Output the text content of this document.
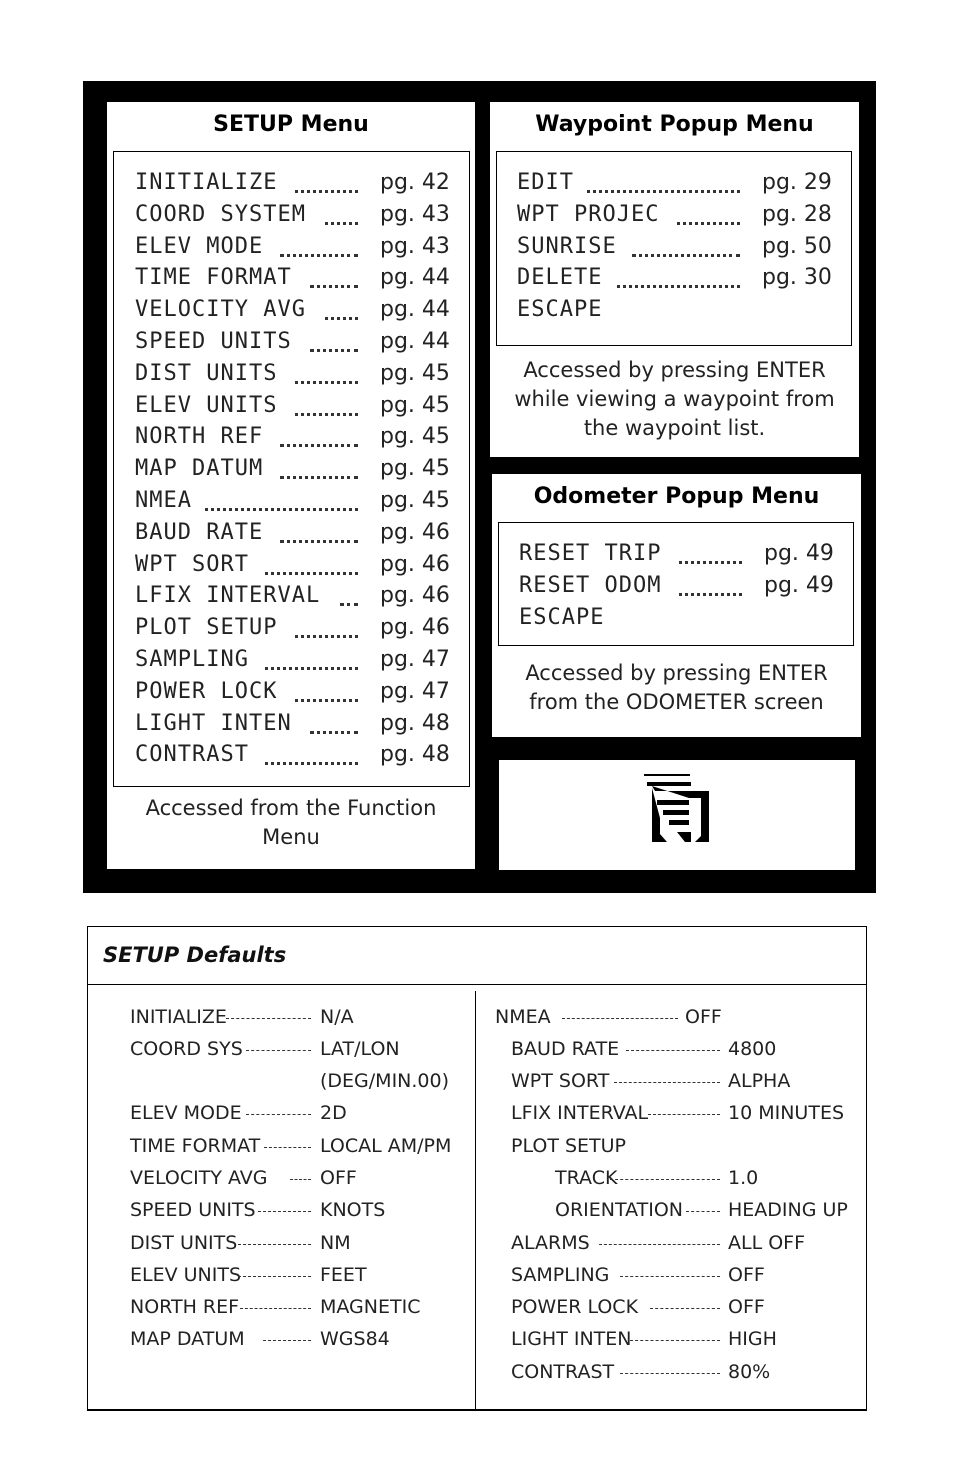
SETUP Menu
INITIALIZE	pg. 42
COORD SYSTEM	pg. 43
ELEV MODE	pg. 43
TIME FORMAT	pg. 44
VELOCITY AVG	pg. 44
SPEED UNITS	pg. 44
DIST UNITS	pg. 45
ELEV UNITS	pg. 45
NORTH REF	pg. 45
MAP DATUM	pg. 45
NMEA	pg. 45
BAUD RATE	pg. 46
WPT SORT	pg. 46
LFIX INTERVAL	pg. 46
PLOT SETUP	pg. 46
SAMPLING	pg. 47
POWER LOCK	pg. 47
LIGHT INTEN	pg. 48
CONTRAST	pg. 48
Accessed from the Function Menu
Waypoint Popup Menu
EDIT	pg. 29
WPT PROJEC	pg. 28
SUNRISE	pg. 50
DELETE	pg. 30
ESCAPE
Accessed by pressing ENTER while viewing a waypoint from the waypoint list.
Odometer Popup Menu
RESET TRIP	pg. 49
RESET ODOM	pg. 49
ESCAPE
Accessed by pressing ENTER from the ODOMETER screen
SETUP Defaults
INITIALIZE	N/A
COORD SYS	LAT/LON
(DEG/MIN.00)
ELEV MODE	2D
TIME FORMAT	LOCAL AM/PM
VELOCITY AVG	OFF
SPEED UNITS	KNOTS
DIST UNITS	NM
ELEV UNITS	FEET
NORTH REF	MAGNETIC
MAP DATUM	WGS84
NMEA	OFF
BAUD RATE	4800
WPT SORT	ALPHA
LFIX INTERVAL	10 MINUTES
PLOT SETUP
TRACK	1.0
ORIENTATION HEADING UP
ALARMS	ALL OFF
SAMPLING	OFF
POWER LOCK	OFF
LIGHT INTEN	HIGH
CONTRAST	80%
